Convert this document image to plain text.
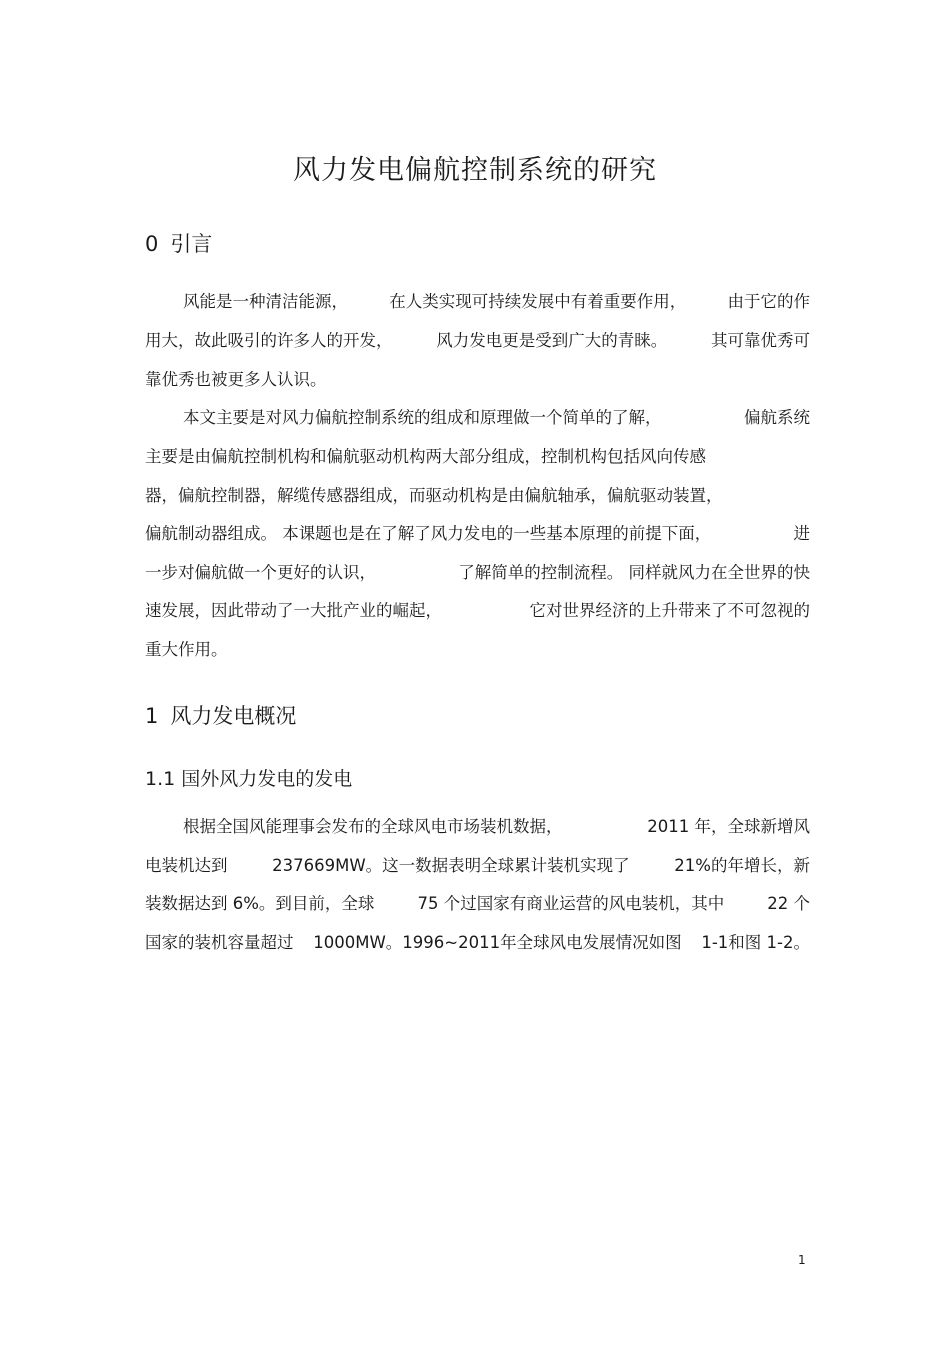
风力发电偏航控制系统的研究
0 引言
风能是一种清洁能源，	在人类实现可持续发展中有着重要作用，	由于它的作
用大，故此吸引的许多人的开发，	风力发电更是受到广大的青睐。	其可靠优秀可
靠优秀也被更多人认识。
本文主要是对风力偏航控制系统的组成和原理做一个简单的了解，	偏航系统
主要是由偏航控制机构和偏航驱动机构两大部分组成，控制机构包括风向传感
器，偏航控制器，解缆传感器组成，而驱动机构是由偏航轴承，偏航驱动装置，
偏航制动器组成。 本课题也是在了解了风力发电的一些基本原理的前提下面，	进
一步对偏航做一个更好的认识，	了解简单的控制流程。 同样就风力在全世界的快
速发展，因此带动了一大批产业的崛起，	它对世界经济的上升带来了不可忽视的
重大作用。
1 风力发电概况
1.1 国外风力发电的发电
根据全国风能理事会发布的全球风电市场装机数据，	2011 年，全球新增风
电装机达到	237669MW。这一数据表明全球累计装机实现了	21%的年增长，新
装数据达到 6%。到目前，全球	75 个过国家有商业运营的风电装机，其中	22 个
国家的装机容量超过 1000MW。1996~2011年全球风电发展情况如图 1-1和图 1-2。
1
